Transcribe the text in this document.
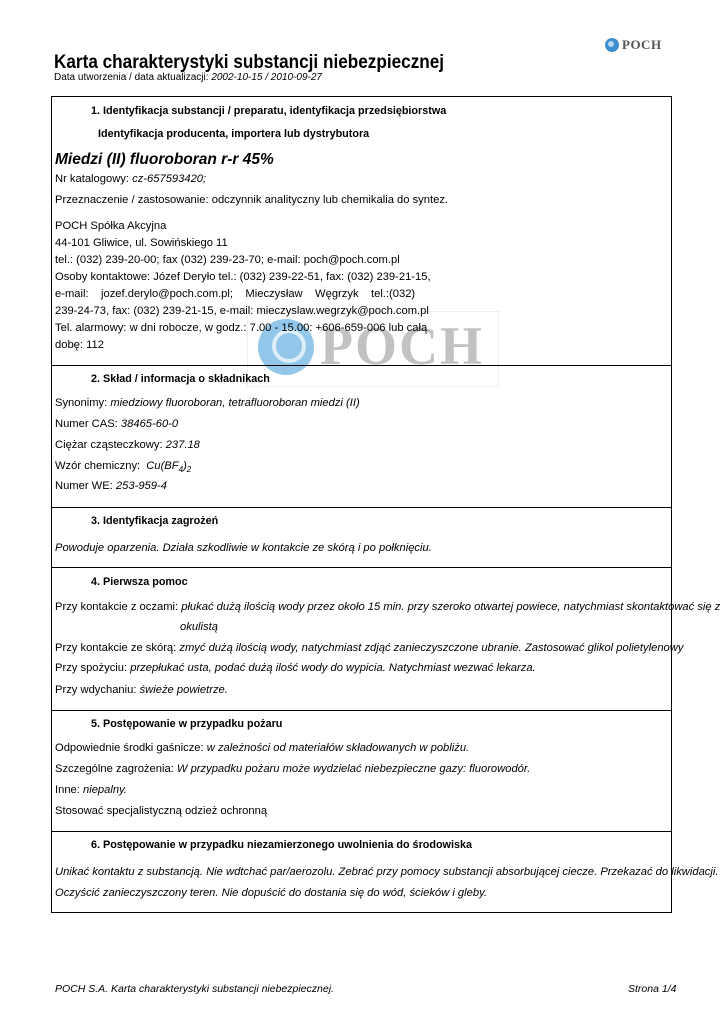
POCH
Karta charakterystyki substancji niebezpiecznej
Data utworzenia / data aktualizacji: 2002-10-15 / 2010-09-27
POCH
1. Identyfikacja substancji / preparatu, identyfikacja przedsiębiorstwa
Identyfikacja producenta, importera lub dystrybutora
Miedzi (II) fluoroboran r-r 45%
Nr katalogowy: cz-657593420;
Przeznaczenie / zastosowanie: odczynnik analityczny lub chemikalia do syntez.
POCH Spółka Akcyjna
44-101 Gliwice, ul. Sowińskiego 11
tel.: (032) 239-20-00; fax (032) 239-23-70; e-mail: poch@poch.com.pl
Osoby kontaktowe: Józef Deryło tel.: (032) 239-22-51, fax: (032) 239-21-15,
e-mail:    jozef.derylo@poch.com.pl;    Mieczysław    Węgrzyk    tel.:(032)
239-24-73, fax: (032) 239-21-15, e-mail: mieczyslaw.wegrzyk@poch.com.pl
Tel. alarmowy: w dni robocze, w godz.: 7.00 - 15.00: +606-659-006 lub całą
dobę: 112
2. Skład / informacja o składnikach
Synonimy: miedziowy fluoroboran, tetrafluoroboran miedzi (II)
Numer CAS: 38465-60-0
Ciężar cząsteczkowy: 237.18
Wzór chemiczny: $Cu(BF_4)_2$
Numer WE: 253-959-4
3. Identyfikacja zagrożeń
Powoduje oparzenia. Działa szkodliwie w kontakcie ze skórą i po połknięciu.
4. Pierwsza pomoc
Przy kontakcie z oczami: płukać dużą ilością wody przez około 15 min. przy szeroko otwartej powiece, natychmiast skontaktować się z
okulistą
Przy kontakcie ze skórą: zmyć dużą ilością wody, natychmiast zdjąć zanieczyszczone ubranie. Zastosować glikol polietylenowy
Przy spożyciu: przepłukać usta, podać dużą ilość wody do wypicia. Natychmiast wezwać lekarza.
Przy wdychaniu: świeże powietrze.
5. Postępowanie w przypadku pożaru
Odpowiednie środki gaśnicze: w zależności od materiałów składowanych w pobliżu.
Szczególne zagrożenia: W przypadku pożaru może wydzielać niebezpieczne gazy: fluorowodór.
Inne: niepalny.
Stosować specjalistyczną odzież ochronną
6. Postępowanie w przypadku niezamierzonego uwolnienia do środowiska
Unikać kontaktu z substancją. Nie wdtchać par/aerozolu. Zebrać przy pomocy substancji absorbującej ciecze. Przekazać do likwidacji.
Oczyścić zanieczyszczony teren. Nie dopuścić do dostania się do wód, ścieków i gleby.
POCH S.A. Karta charakterystyki substancji niebezpiecznej.	Strona 1/4
